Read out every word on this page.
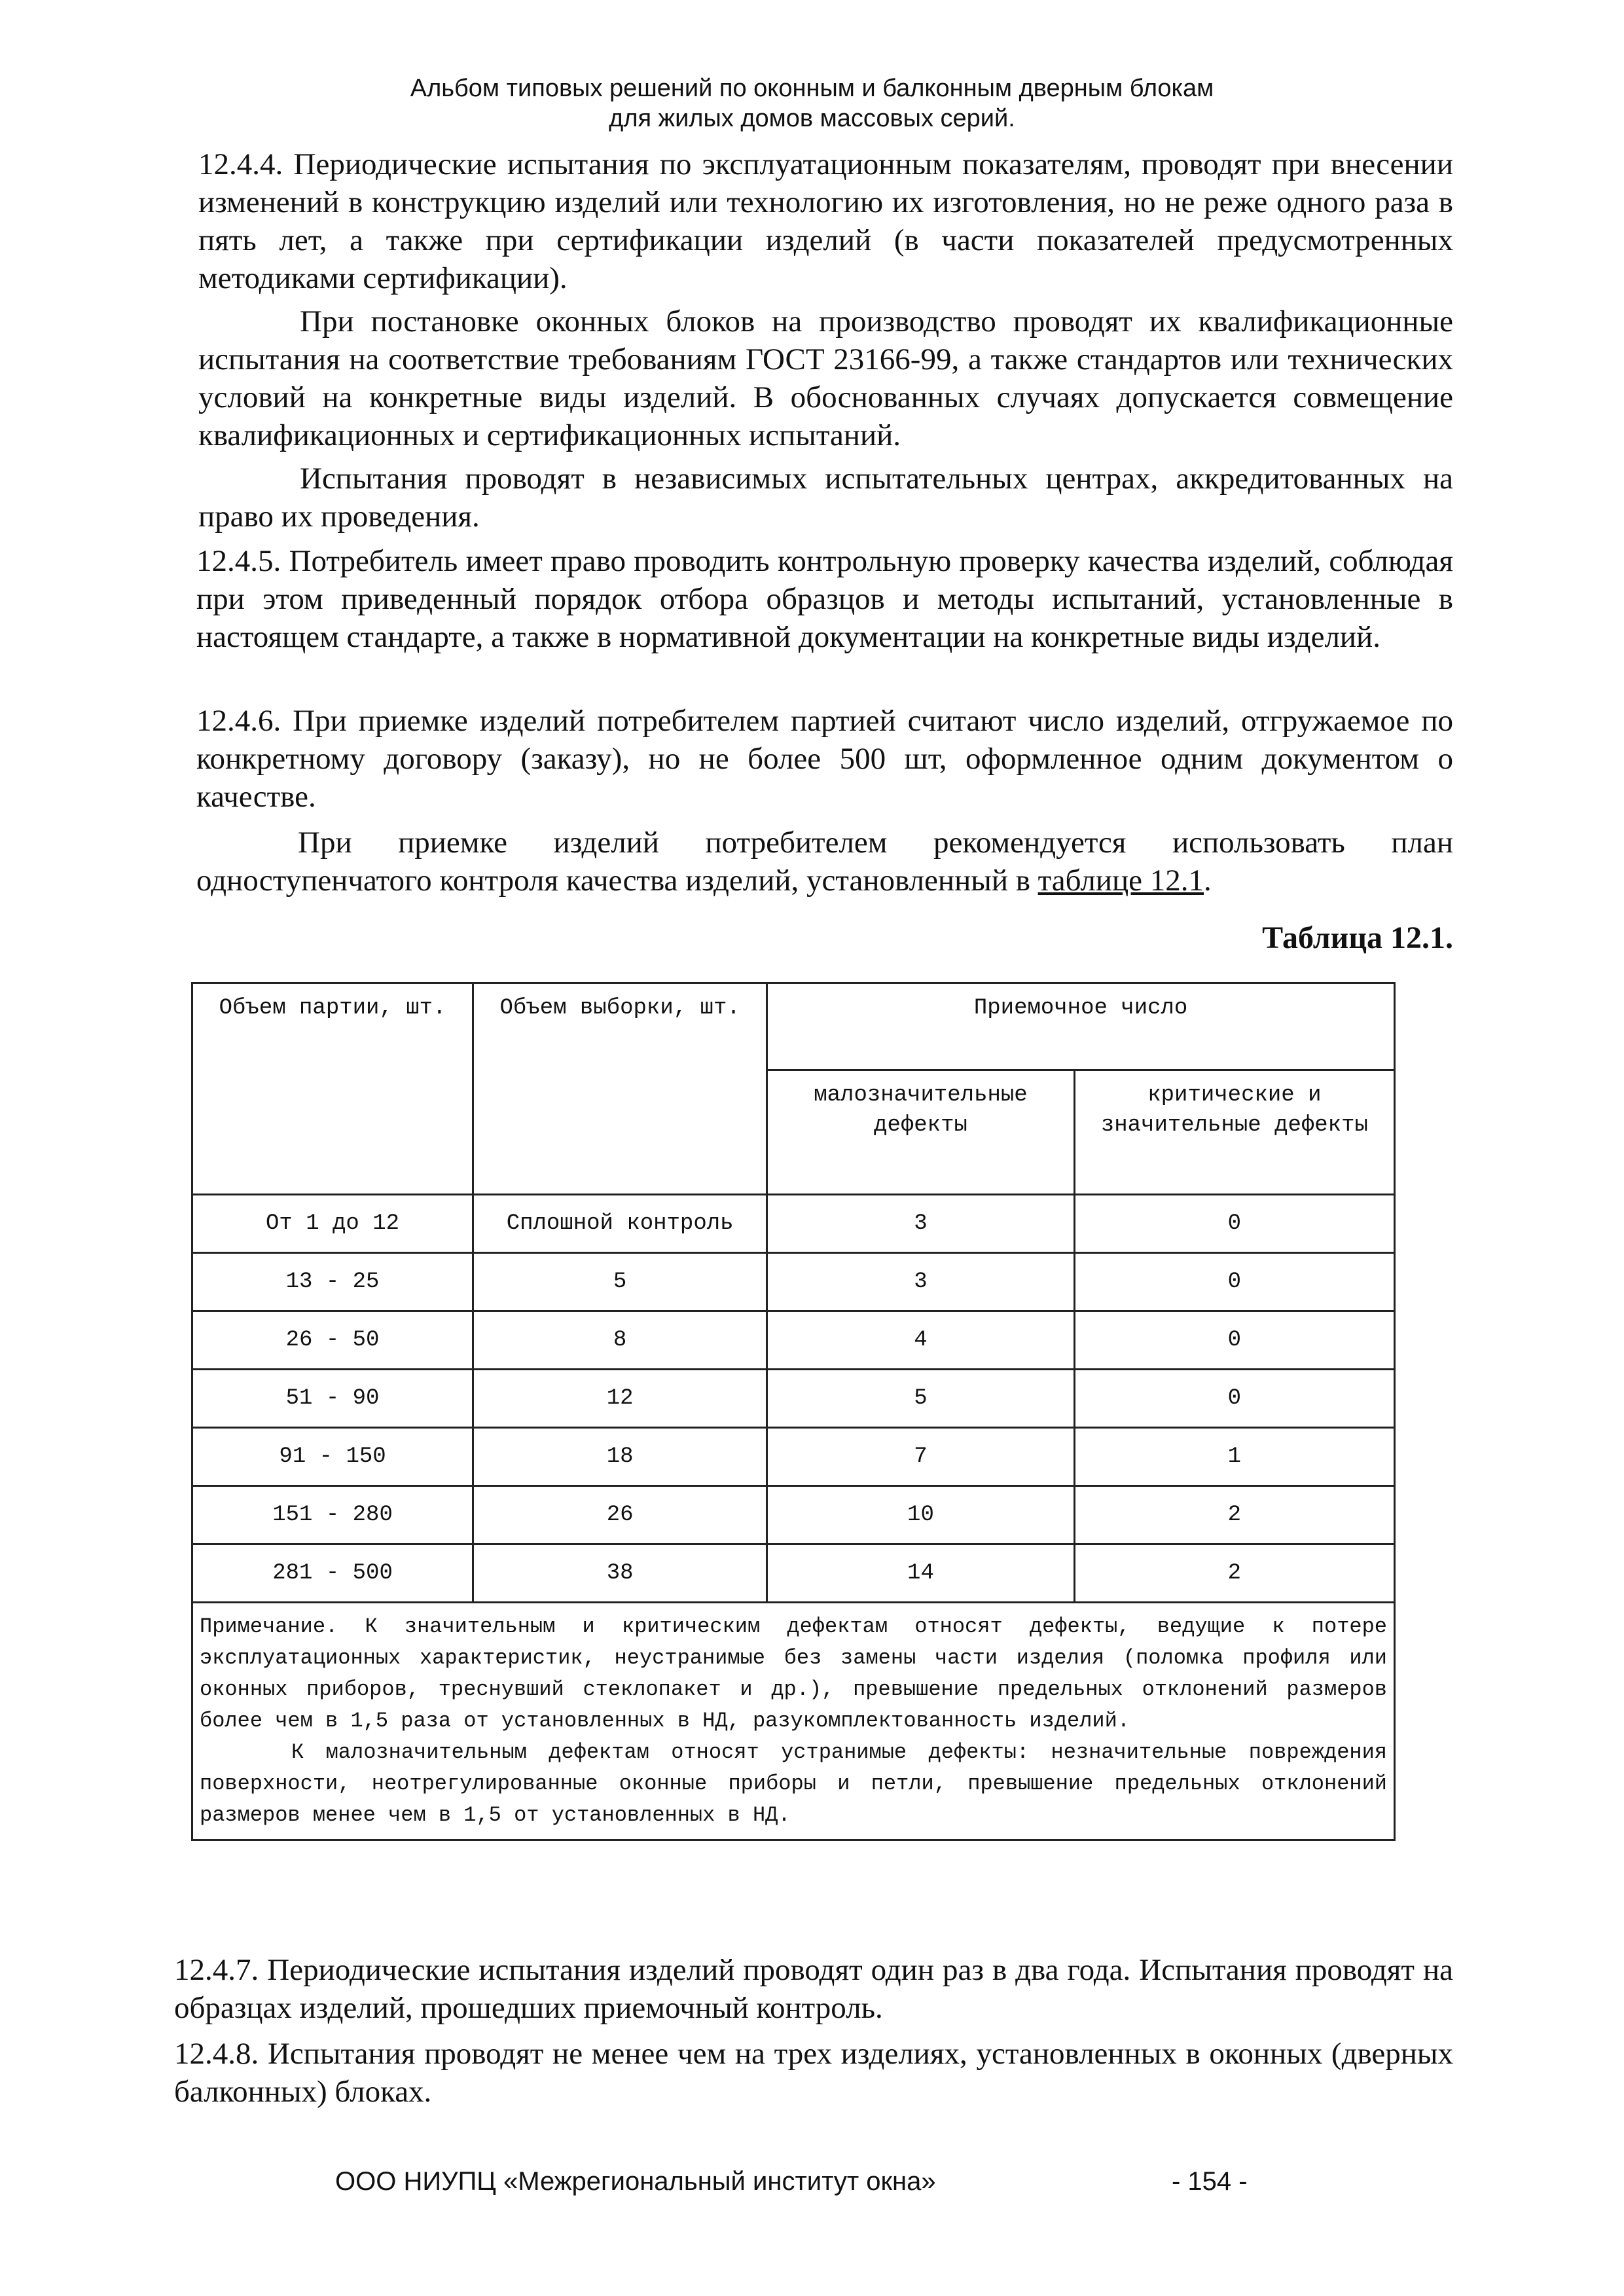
Альбом типовых решений по оконным и балконным дверным блокам
для жилых домов массовых серий.

12.4.4. Периодические испытания по эксплуатационным показателям, проводят при внесении изменений в конструкцию изделий или технологию их изготовления, но не реже одного раза в пять лет, а также при сертификации изделий (в части показателей предусмотренных методиками сертификации).

При постановке оконных блоков на производство проводят их квалификационные испытания на соответствие требованиям ГОСТ 23166-99, а также стандартов или технических условий на конкретные виды изделий. В обоснованных случаях допускается совмещение квалификационных и сертификационных испытаний.

Испытания проводят в независимых испытательных центрах, аккредитованных на право их проведения.

12.4.5. Потребитель имеет право проводить контрольную проверку качества изделий, соблюдая при этом приведенный порядок отбора образцов и методы испытаний, установленные в настоящем стандарте, а также в нормативной документации на конкретные виды изделий.

12.4.6. При приемке изделий потребителем партией считают число изделий, отгружаемое по конкретному договору (заказу), но не более 500 шт, оформленное одним документом о качестве.

При приемке изделий потребителем рекомендуется использовать план одноступенчатого контроля качества изделий, установленный в таблице 12.1.

Таблица 12.1.
Объем партии, шт.	Объем выборки, шт.	Приемочное число	
		малозначительные дефекты	критические и значительные дефекты
От 1 до 12	Сплошной контроль	3	0
13 - 25	5	3	0
26 - 50	8	4	0
51 - 90	12	5	0
91 - 150	18	7	1
151 - 280	26	10	2
281 - 500	38	14	2

Примечание. К значительным и критическим дефектам относят дефекты, ведущие к потере эксплуатационных характеристик, неустранимые без замены части изделия (поломка профиля или оконных приборов, треснувший стеклопакет и др.), превышение предельных отклонений размеров более чем в 1,5 раза от установленных в НД, разукомплектованность изделий.
К малозначительным дефектам относят устранимые дефекты: незначительные повреждения поверхности, неотрегулированные оконные приборы и петли, превышение предельных отклонений размеров менее чем в 1,5 от установленных в НД.			

12.4.7. Периодические испытания изделий проводят один раз в два года. Испытания проводят на образцах изделий, прошедших приемочный контроль.

12.4.8. Испытания проводят не менее чем на трех изделиях, установленных в оконных (дверных балконных) блоках.

ООО НИУПЦ «Межрегиональный институт окна»	- 154 -
